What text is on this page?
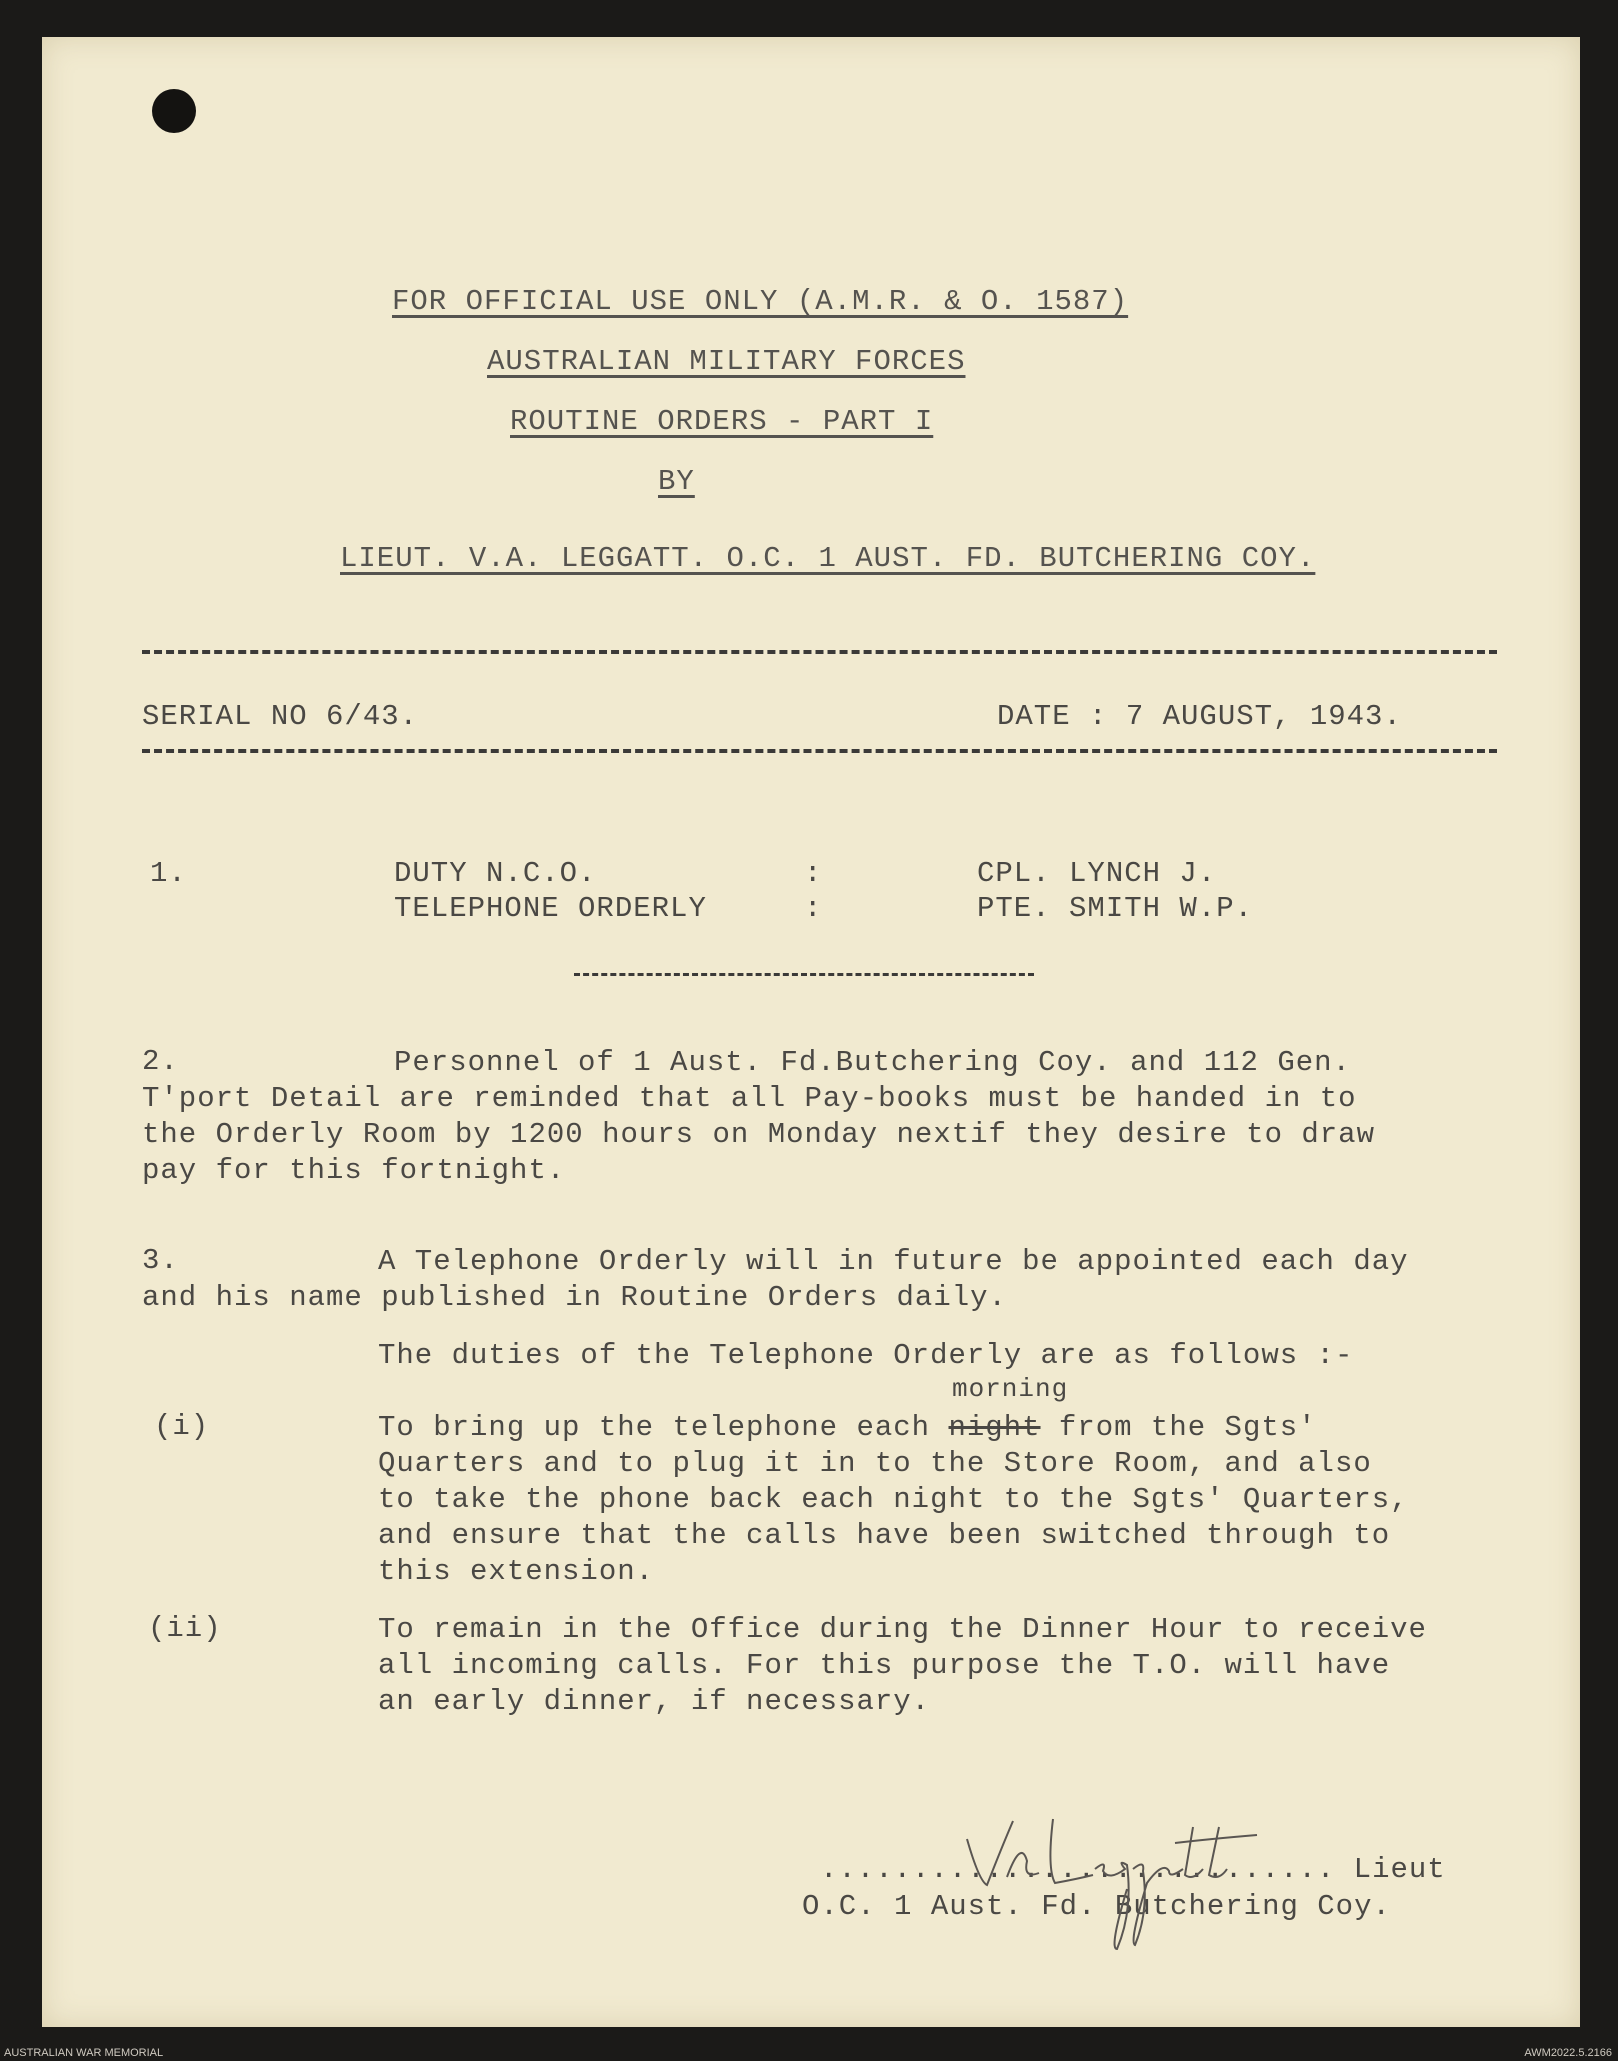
FOR OFFICIAL USE ONLY (A.M.R. & O. 1587)
AUSTRALIAN MILITARY FORCES
ROUTINE ORDERS - PART I
BY
LIEUT. V.A. LEGGATT. O.C. 1 AUST. FD. BUTCHERING COY.
SERIAL NO 6/43.	DATE : 7 AUGUST, 1943.
1.	DUTY N.C.O.	:	CPL. LYNCH J.
TELEPHONE ORDERLY	:	PTE. SMITH W.P.
2.	Personnel of 1 Aust. Fd.Butchering Coy. and 112 Gen.
T'port Detail are reminded that all Pay-books must be handed in to
the Orderly Room by 1200 hours on Monday nextif they desire to draw
pay for this fortnight.
3.	A Telephone Orderly will in future be appointed each day
and his name published in Routine Orders daily.
The duties of the Telephone Orderly are as follows :-
morning
(i)	To bring up the telephone each night from the Sgts'
Quarters and to plug it in to the Store Room, and also
to take the phone back each night to the Sgts' Quarters,
and ensure that the calls have been switched through to
this extension.
(ii)	To remain in the Office during the Dinner Hour to receive
all incoming calls. For this purpose the T.O. will have
an early dinner, if necessary.
............................ Lieut
O.C. 1 Aust. Fd. Butchering Coy.
AUSTRALIAN WAR MEMORIAL	AWM2022.5.2166
